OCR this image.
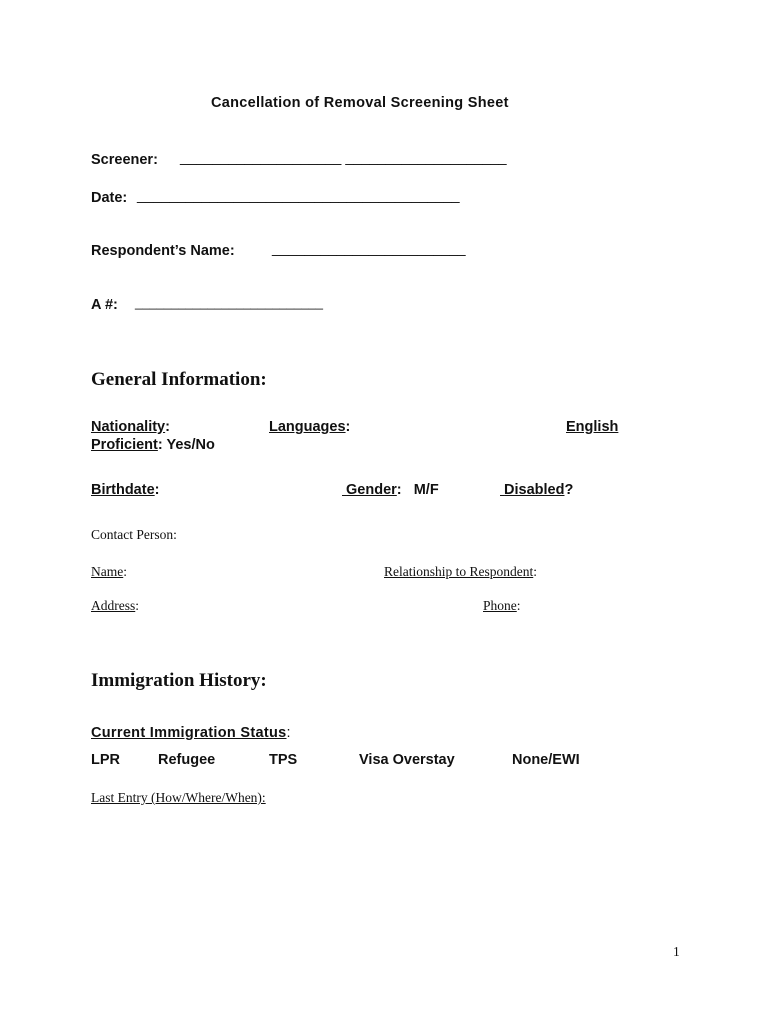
Cancellation of Removal Screening Sheet
Screener: ____________________ ____________________
Date: ________________________________________
Respondent’s Name:	________________________
A #: __________________________
General Information:
Nationality:	Languages:	English
Proficient: Yes/No
Birthdate:	Gender:   M/F	Disabled?
Contact Person:
Name:	Relationship to Respondent:
Address:	Phone:
Immigration History:
Current Immigration Status:
LPR	Refugee	TPS	Visa Overstay	None/EWI
Last Entry (How/Where/When):
1
